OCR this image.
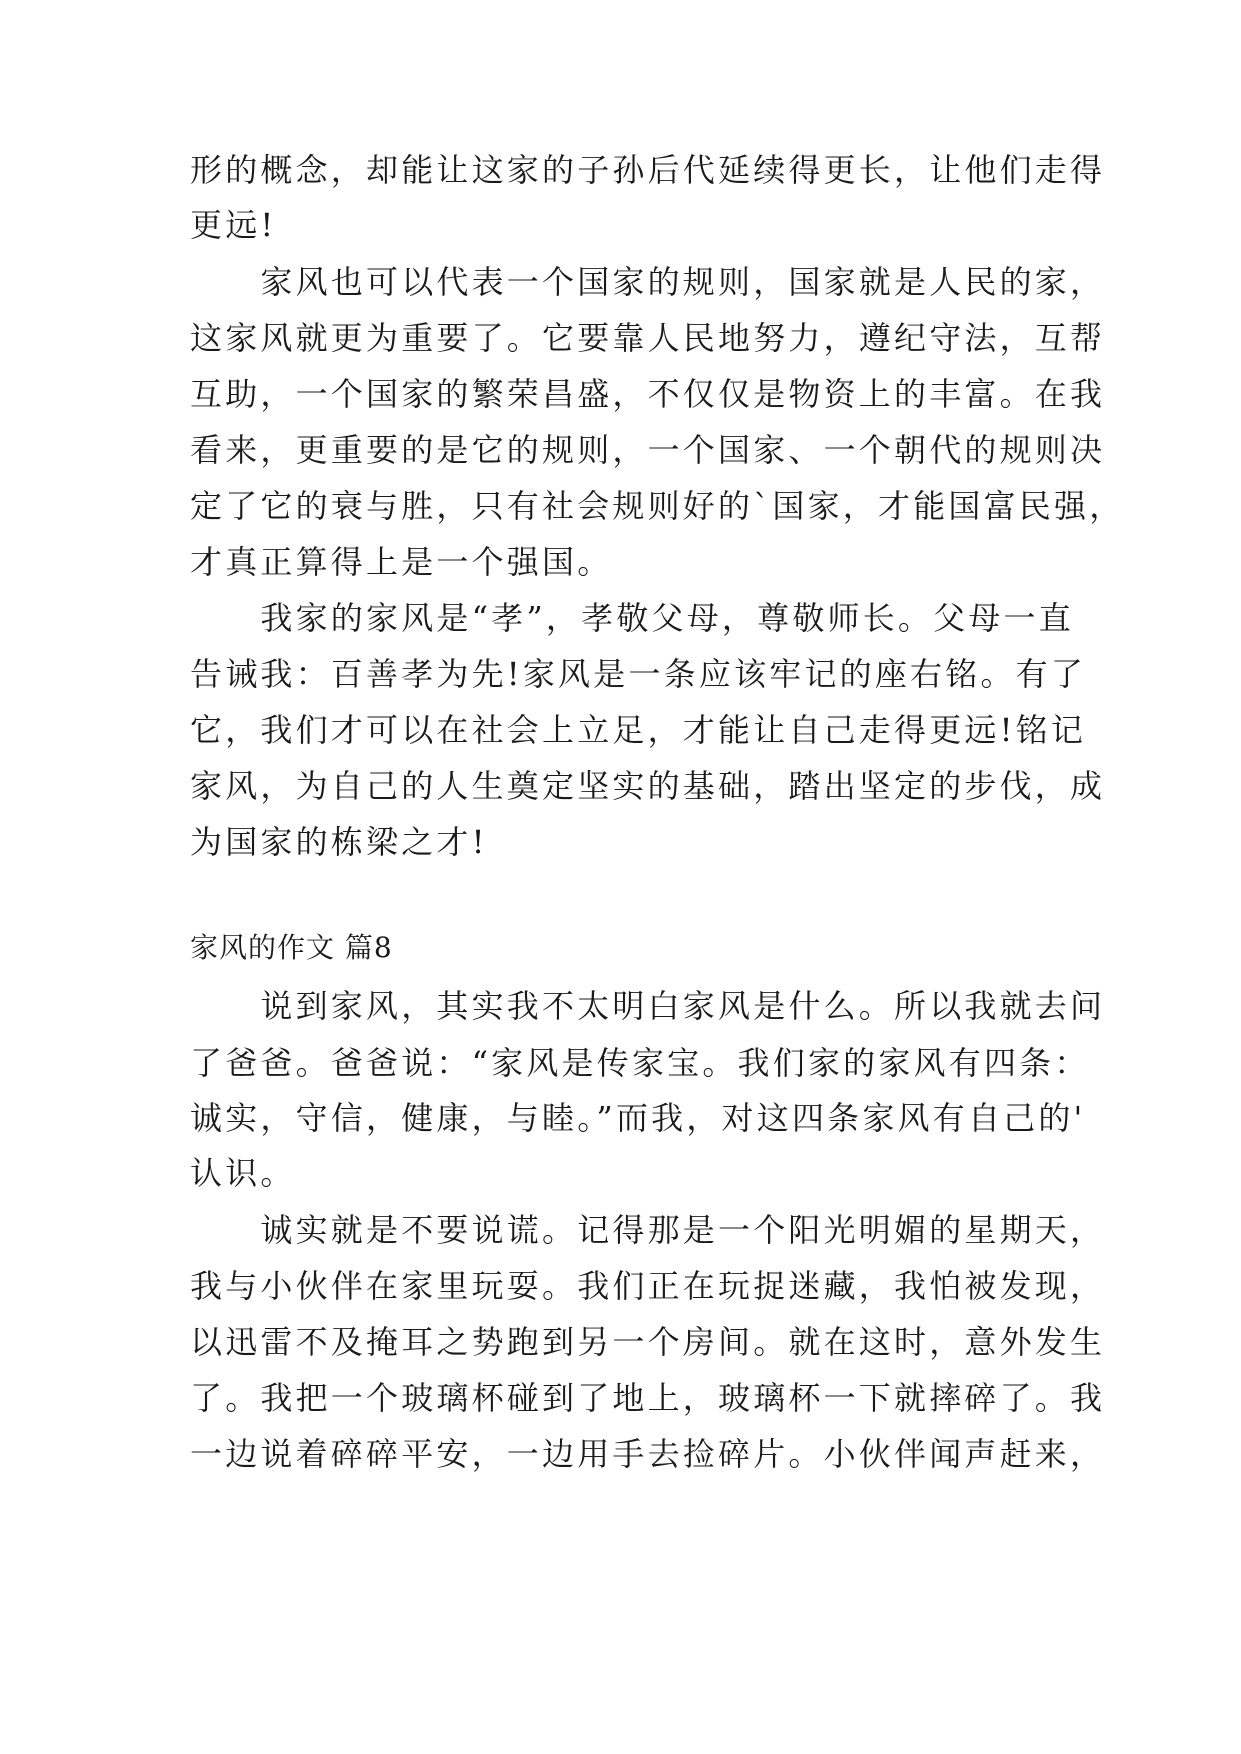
形的概念，却能让这家的子孙后代延续得更长，让他们走得
更远!
　　家风也可以代表一个国家的规则，国家就是人民的家，
这家风就更为重要了。它要靠人民地努力，遵纪守法，互帮
互助，一个国家的繁荣昌盛，不仅仅是物资上的丰富。在我
看来，更重要的是它的规则，一个国家、一个朝代的规则决
定了它的衰与胜，只有社会规则好的`国家，才能国富民强，
才真正算得上是一个强国。
　　我家的家风是“孝”，孝敬父母，尊敬师长。父母一直
告诫我：百善孝为先!家风是一条应该牢记的座右铭。有了
它，我们才可以在社会上立足，才能让自己走得更远!铭记
家风，为自己的人生奠定坚实的基础，踏出坚定的步伐，成
为国家的栋梁之才!
家风的作文 篇8
　　说到家风，其实我不太明白家风是什么。所以我就去问
了爸爸。爸爸说：“家风是传家宝。我们家的家风有四条：
诚实，守信，健康，与睦。”而我，对这四条家风有自己的'
认识。
　　诚实就是不要说谎。记得那是一个阳光明媚的星期天，
我与小伙伴在家里玩耍。我们正在玩捉迷藏，我怕被发现，
以迅雷不及掩耳之势跑到另一个房间。就在这时，意外发生
了。我把一个玻璃杯碰到了地上，玻璃杯一下就摔碎了。我
一边说着碎碎平安，一边用手去捡碎片。小伙伴闻声赶来，
